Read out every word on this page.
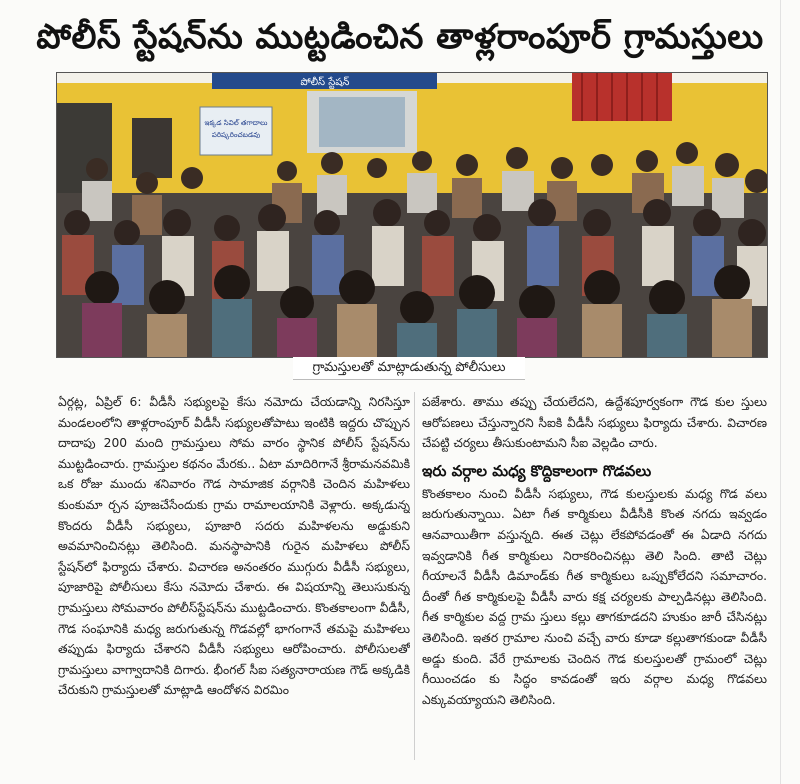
పోలీస్ స్టేషన్‌ను ముట్టడించిన తాళ్లరాంపూర్ గ్రామస్తులు
పోలీస్ స్టేషన్
ఇక్కడ సివిల్ తగాదాలు
పరిష్కరించబడవు
గ్రామస్తులతో మాట్లాడుతున్న పోలీసులు

ఏర్గట్ల, ఏప్రిల్ 6: వీడీసీ సభ్యులపై కేసు నమోదు చేయడాన్ని నిరసిస్తూ మండలంలోని తాళ్లరాంపూర్ వీడీసీ సభ్యులతోపాటు ఇంటికి ఇద్దరు చొప్పున దాదాపు 200 మంది గ్రామస్తులు సోమ వారం స్థానిక పోలీస్ స్టేషన్‌ను ముట్టడించారు. గ్రామస్తుల కథనం మేరకు.. ఏటా మాదిరిగానే శ్రీరామనవమికి ఒక రోజు ముందు శనివారం గౌడ సామాజిక వర్గానికి చెందిన మహిళలు కుంకుమా ర్చన పూజచేసేందుకు గ్రామ రామాలయానికి వెళ్లారు. అక్కడున్న కొందరు వీడీసీ సభ్యులు, పూజారి సదరు మహిళలను అడ్డుకుని అవమానించినట్లు తెలిసింది. మనస్థాపానికి గురైన మహిళలు పోలీస్ స్టేషన్‌లో ఫిర్యాదు చేశారు. విచారణ అనంతరం ముగ్గురు వీడీసీ సభ్యులు, పూజారిపై పోలీసులు కేసు నమోదు చేశారు. ఈ విషయాన్ని తెలుసుకున్న గ్రామస్తులు సోమవారం పోలీస్‌స్టేషన్‌ను ముట్టడించారు. కొంతకాలంగా వీడీసీ, గౌడ సంఘానికి మధ్య జరుగుతున్న గొడవల్లో భాగంగానే తమపై మహిళలు తప్పుడు ఫిర్యాదు చేశారని వీడీసీ సభ్యులు ఆరోపించారు. పోలీసులతో గ్రామస్తులు వాగ్వాదానికి దిగారు. భీంగల్ సీఐ సత్యనారాయణ గౌడ్ అక్కడికి చేరుకుని గ్రామస్తులతో మాట్లాడి ఆందోళన విరమిం

పజేశారు. తాము తప్పు చేయలేదని, ఉద్దేశపూర్వకంగా గౌడ కుల స్తులు ఆరోపణలు చేస్తున్నారని సీఐకి వీడీసీ సభ్యులు ఫిర్యాదు చేశారు. విచారణ చేపట్టి చర్యలు తీసుకుంటామని సీఐ వెల్లడిం చారు.

ఇరు వర్గాల మధ్య కొద్దికాలంగా గొడవలు

కొంతకాలం నుంచి వీడీసీ సభ్యులు, గౌడ కులస్తులకు మధ్య గొడ వలు జరుగుతున్నాయి. ఏటా గీత కార్మికులు వీడీసీకి కొంత నగదు ఇవ్వడం ఆనవాయితీగా వస్తున్నది. ఈత చెట్లు లేకపోవడంతో ఈ ఏడాది నగదు ఇవ్వడానికి గీత కార్మికులు నిరాకరించినట్లు తెలి సింది. తాటి చెట్లు గీయాలనే వీడీసీ డిమాండ్‌కు గీత కార్మికులు ఒప్పుకోలేదని సమాచారం. దీంతో గీత కార్మికులపై వీడీసీ వారు కక్ష చర్యలకు పాల్పడినట్లు తెలిసింది. గీత కార్మికుల వద్ద గ్రామ స్తులు కల్లు తాగకూడదని హుకుం జారీ చేసినట్లు తెలిసింది. ఇతర గ్రామాల నుంచి వచ్చే వారు కూడా కల్లుతాగకుండా వీడీసీ అడ్డు కుంది. వేరే గ్రామాలకు చెందిన గౌడ కులస్తులతో గ్రామంలో చెట్లు గీయించడం కు సిద్ధం కావడంతో ఇరు వర్గాల మధ్య గొడవలు ఎక్కువయ్యాయని తెలిసింది.
